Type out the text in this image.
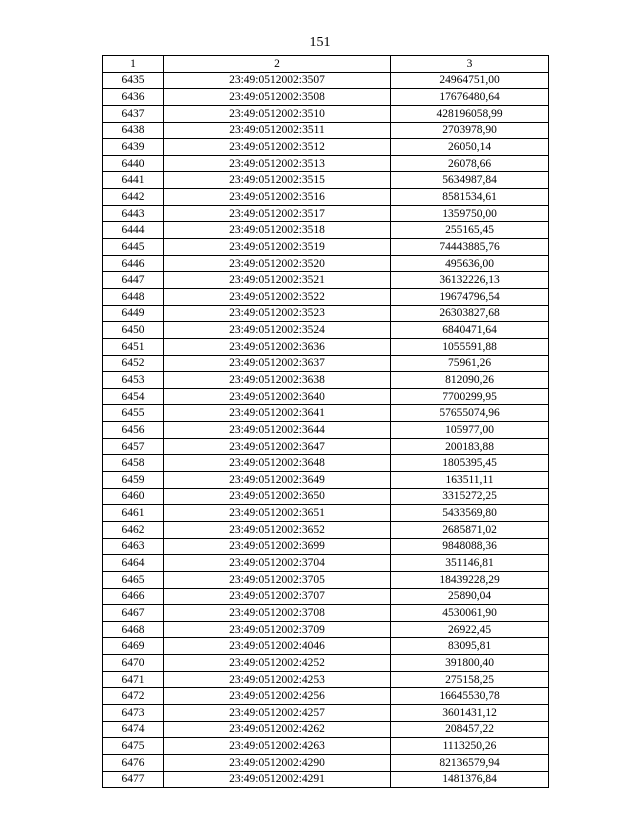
151
1	2	3
6435	23:49:0512002:3507	24964751,00
6436	23:49:0512002:3508	17676480,64
6437	23:49:0512002:3510	428196058,99
6438	23:49:0512002:3511	2703978,90
6439	23:49:0512002:3512	26050,14
6440	23:49:0512002:3513	26078,66
6441	23:49:0512002:3515	5634987,84
6442	23:49:0512002:3516	8581534,61
6443	23:49:0512002:3517	1359750,00
6444	23:49:0512002:3518	255165,45
6445	23:49:0512002:3519	74443885,76
6446	23:49:0512002:3520	495636,00
6447	23:49:0512002:3521	36132226,13
6448	23:49:0512002:3522	19674796,54
6449	23:49:0512002:3523	26303827,68
6450	23:49:0512002:3524	6840471,64
6451	23:49:0512002:3636	1055591,88
6452	23:49:0512002:3637	75961,26
6453	23:49:0512002:3638	812090,26
6454	23:49:0512002:3640	7700299,95
6455	23:49:0512002:3641	57655074,96
6456	23:49:0512002:3644	105977,00
6457	23:49:0512002:3647	200183,88
6458	23:49:0512002:3648	1805395,45
6459	23:49:0512002:3649	163511,11
6460	23:49:0512002:3650	3315272,25
6461	23:49:0512002:3651	5433569,80
6462	23:49:0512002:3652	2685871,02
6463	23:49:0512002:3699	9848088,36
6464	23:49:0512002:3704	351146,81
6465	23:49:0512002:3705	18439228,29
6466	23:49:0512002:3707	25890,04
6467	23:49:0512002:3708	4530061,90
6468	23:49:0512002:3709	26922,45
6469	23:49:0512002:4046	83095,81
6470	23:49:0512002:4252	391800,40
6471	23:49:0512002:4253	275158,25
6472	23:49:0512002:4256	16645530,78
6473	23:49:0512002:4257	3601431,12
6474	23:49:0512002:4262	208457,22
6475	23:49:0512002:4263	1113250,26
6476	23:49:0512002:4290	82136579,94
6477	23:49:0512002:4291	1481376,84
